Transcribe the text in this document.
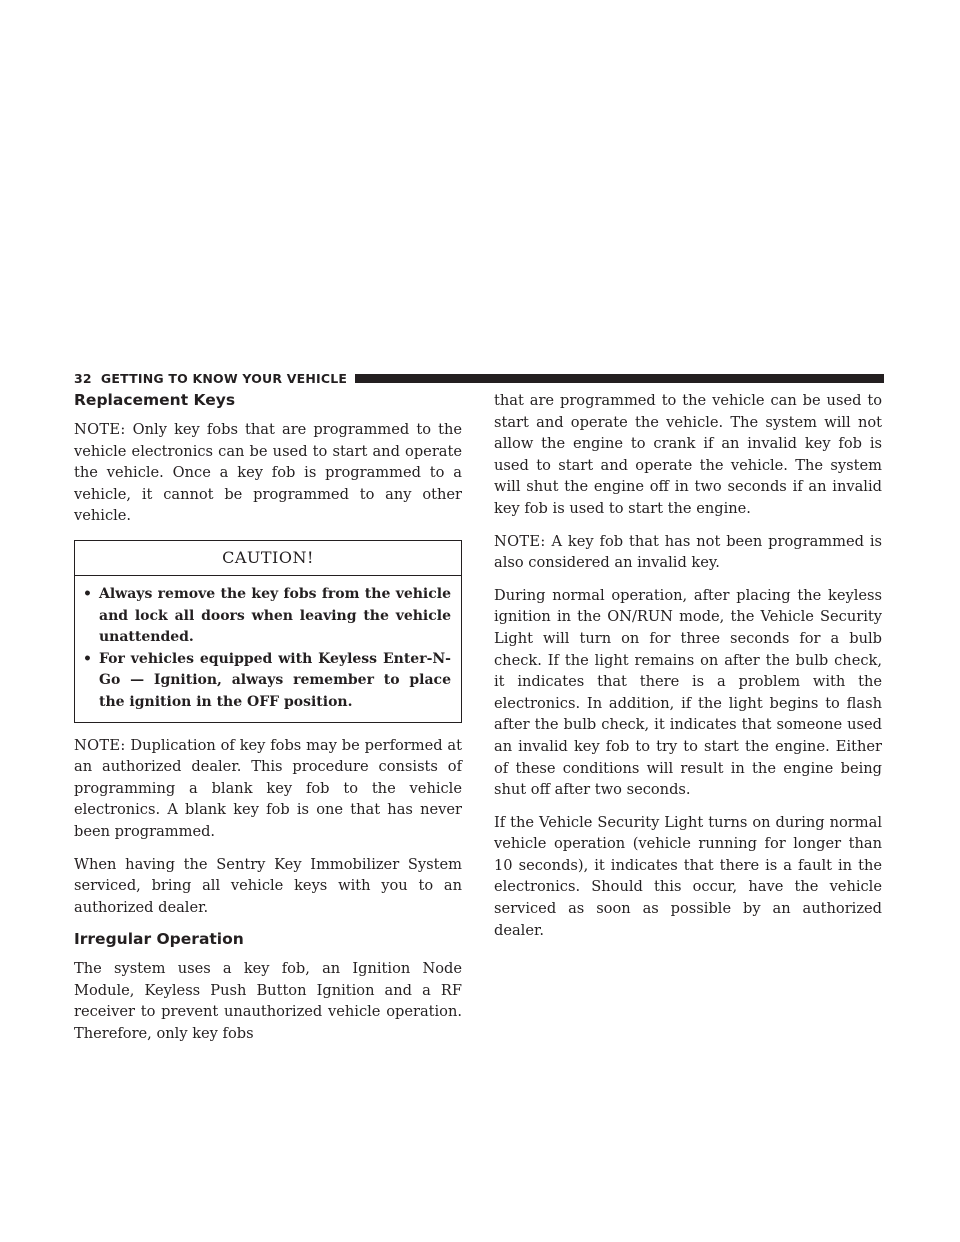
32 GETTING TO KNOW YOUR VEHICLE
Replacement Keys

NOTE: Only key fobs that are programmed to the vehicle electronics can be used to start and operate the vehicle. Once a key fob is programmed to a vehicle, it cannot be programmed to any other vehicle.

CAUTION!
• Always remove the key fobs from the vehicle and lock all doors when leaving the vehicle unattended.
• For vehicles equipped with Keyless Enter-N-Go — Ignition, always remember to place the ignition in the OFF position.

NOTE: Duplication of key fobs may be performed at an authorized dealer. This procedure consists of programming a blank key fob to the vehicle electronics. A blank key fob is one that has never been programmed.

When having the Sentry Key Immobilizer System serviced, bring all vehicle keys with you to an authorized dealer.

Irregular Operation

The system uses a key fob, an Ignition Node Module, Keyless Push Button Ignition and a RF receiver to prevent unauthorized vehicle operation. Therefore, only key fobs

that are programmed to the vehicle can be used to start and operate the vehicle. The system will not allow the engine to crank if an invalid key fob is used to start and operate the vehicle. The system will shut the engine off in two seconds if an invalid key fob is used to start the engine.

NOTE: A key fob that has not been programmed is also considered an invalid key.

During normal operation, after placing the keyless ignition in the ON/RUN mode, the Vehicle Security Light will turn on for three seconds for a bulb check. If the light remains on after the bulb check, it indicates that there is a problem with the electronics. In addition, if the light begins to flash after the bulb check, it indicates that someone used an invalid key fob to try to start the engine. Either of these conditions will result in the engine being shut off after two seconds.

If the Vehicle Security Light turns on during normal vehicle operation (vehicle running for longer than 10 seconds), it indicates that there is a fault in the electronics. Should this occur, have the vehicle serviced as soon as possible by an authorized dealer.
